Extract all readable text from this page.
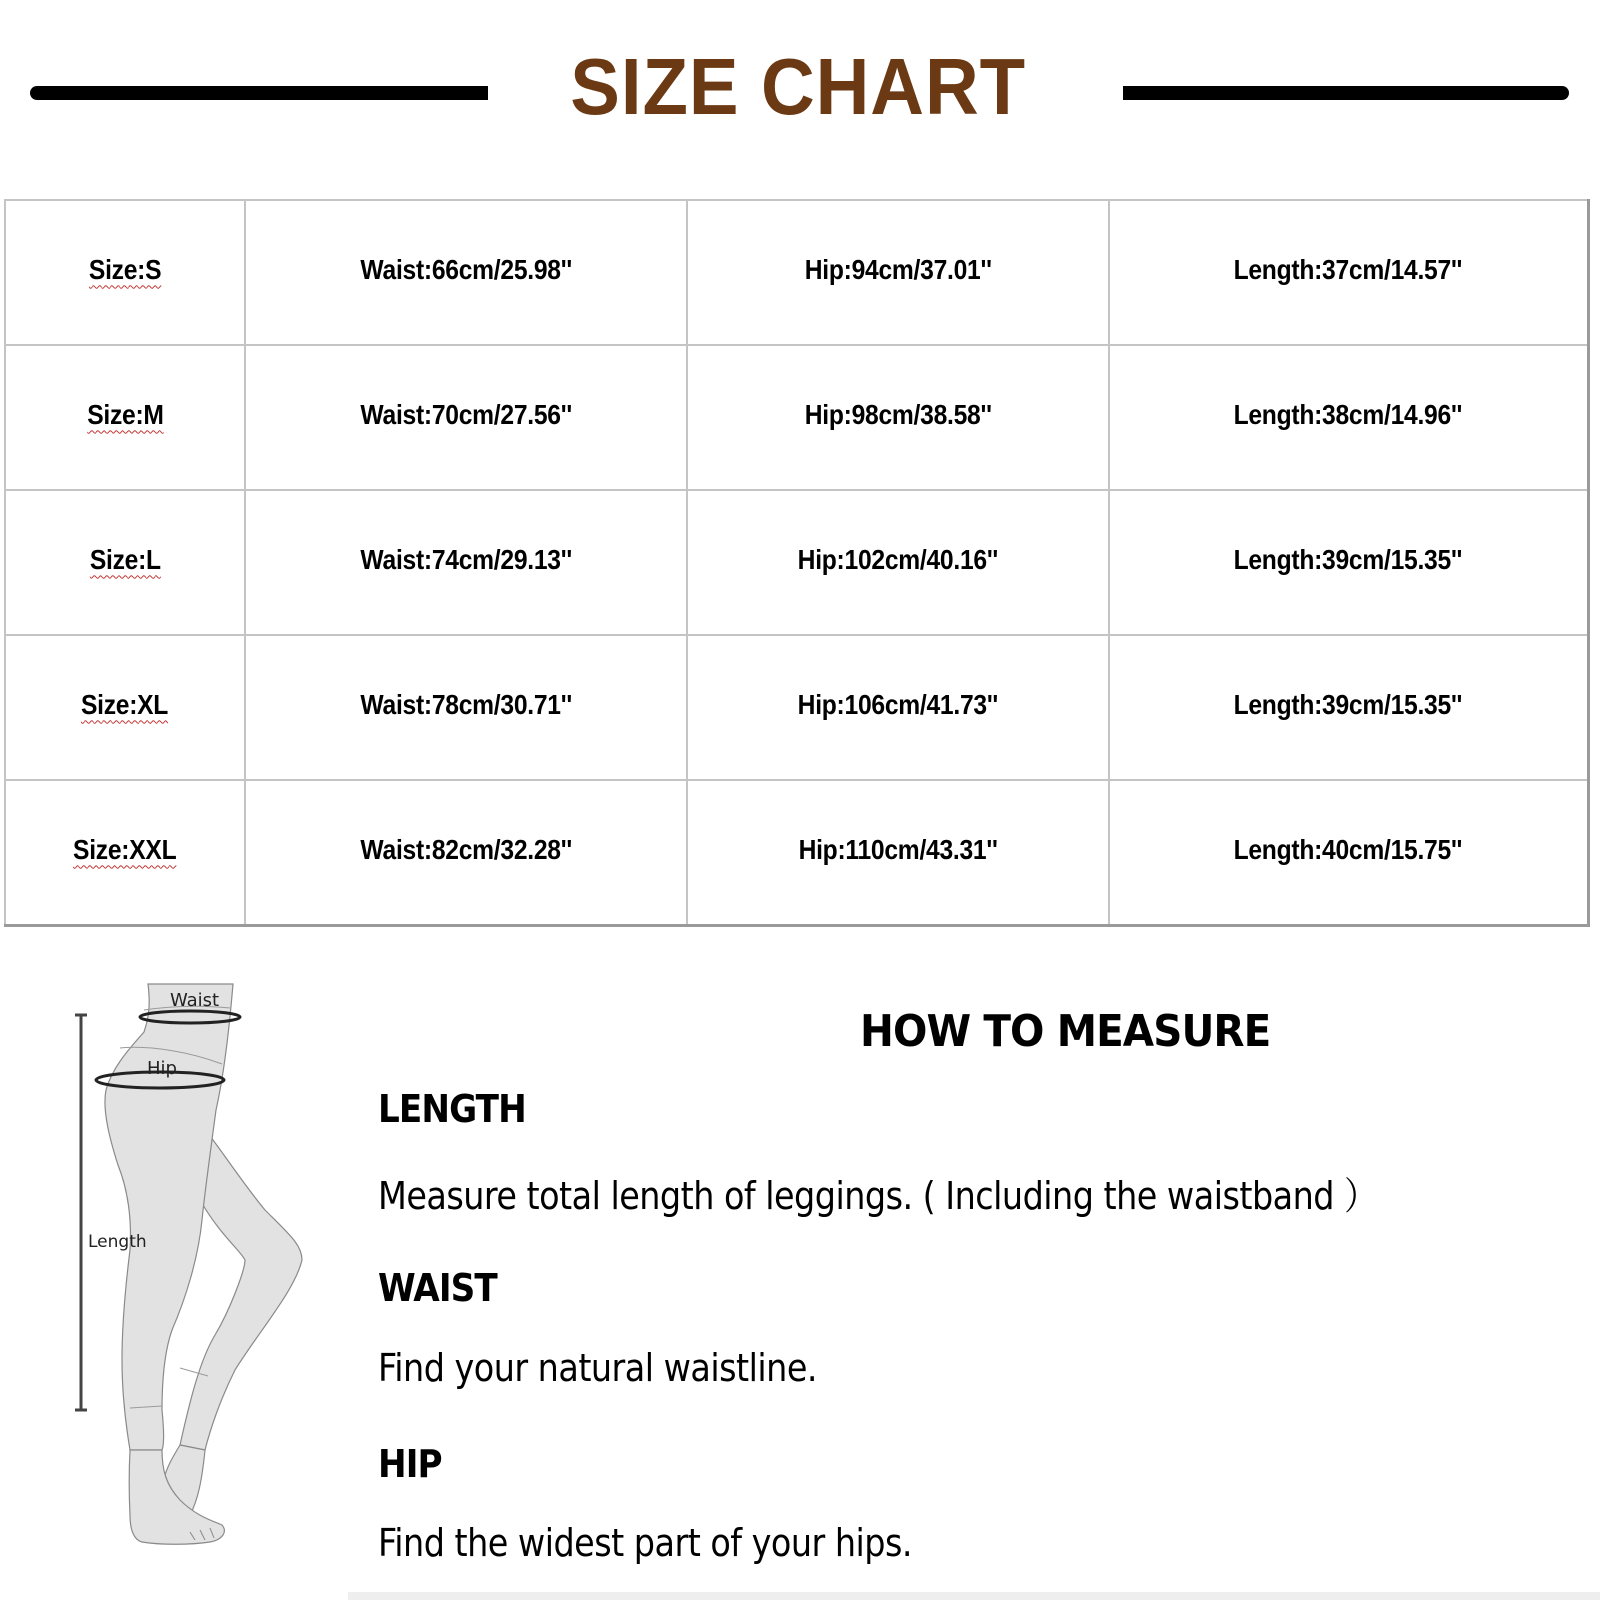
SIZE CHART
Size:S	Waist:66cm/25.98''	Hip:94cm/37.01''	Length:37cm/14.57''
Size:M	Waist:70cm/27.56''	Hip:98cm/38.58''	Length:38cm/14.96''
Size:L	Waist:74cm/29.13''	Hip:102cm/40.16''	Length:39cm/15.35''
Size:XL	Waist:78cm/30.71''	Hip:106cm/41.73''	Length:39cm/15.35''
Size:XXL	Waist:82cm/32.28''	Hip:110cm/43.31''	Length:40cm/15.75''
Waist
Hip
Length
HOW TO MEASURE
LENGTH
Measure total length of leggings. ( Including the waistband ）
WAIST
Find your natural waistline.
HIP
Find the widest part of your hips.
